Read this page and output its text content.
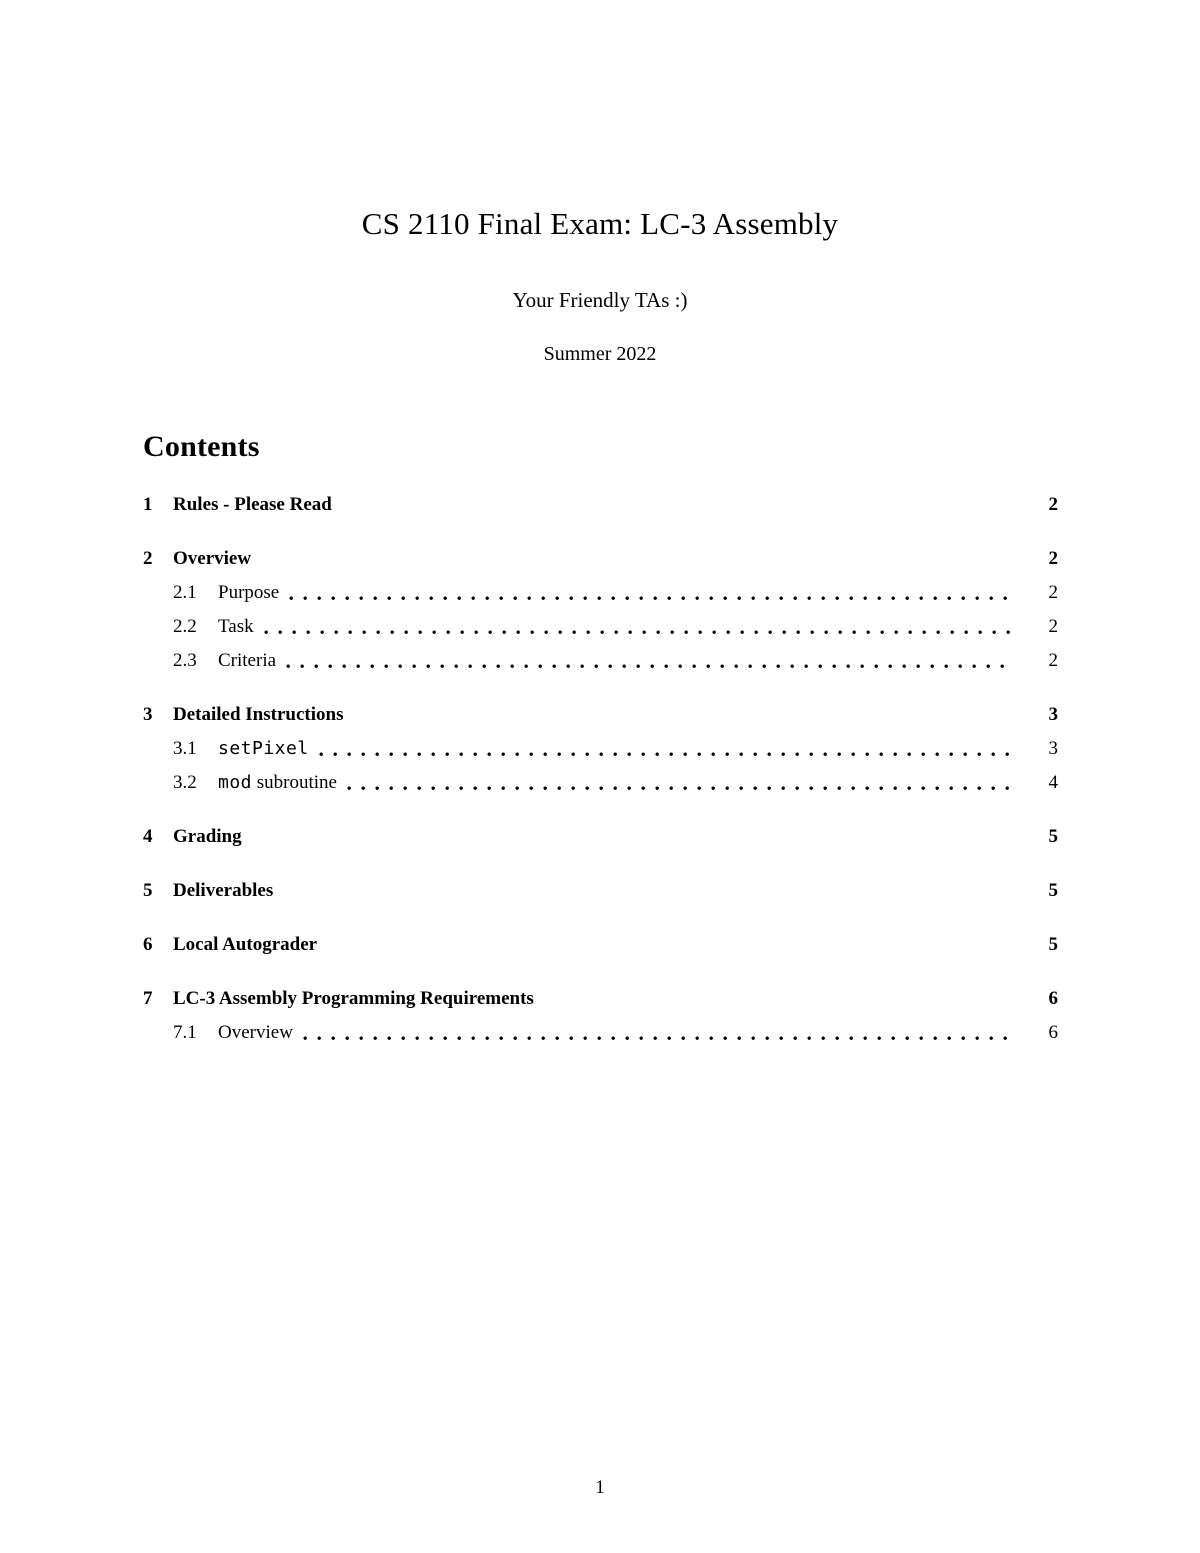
CS 2110 Final Exam: LC-3 Assembly
Your Friendly TAs :)
Summer 2022
Contents
1	Rules - Please Read	2
2	Overview	2
2.1	Purpose	2
2.2	Task	2
2.3	Criteria	2
3	Detailed Instructions	3
3.1	setPixel	3
3.2	mod subroutine	4
4	Grading	5
5	Deliverables	5
6	Local Autograder	5
7	LC-3 Assembly Programming Requirements	6
7.1	Overview	6
1
